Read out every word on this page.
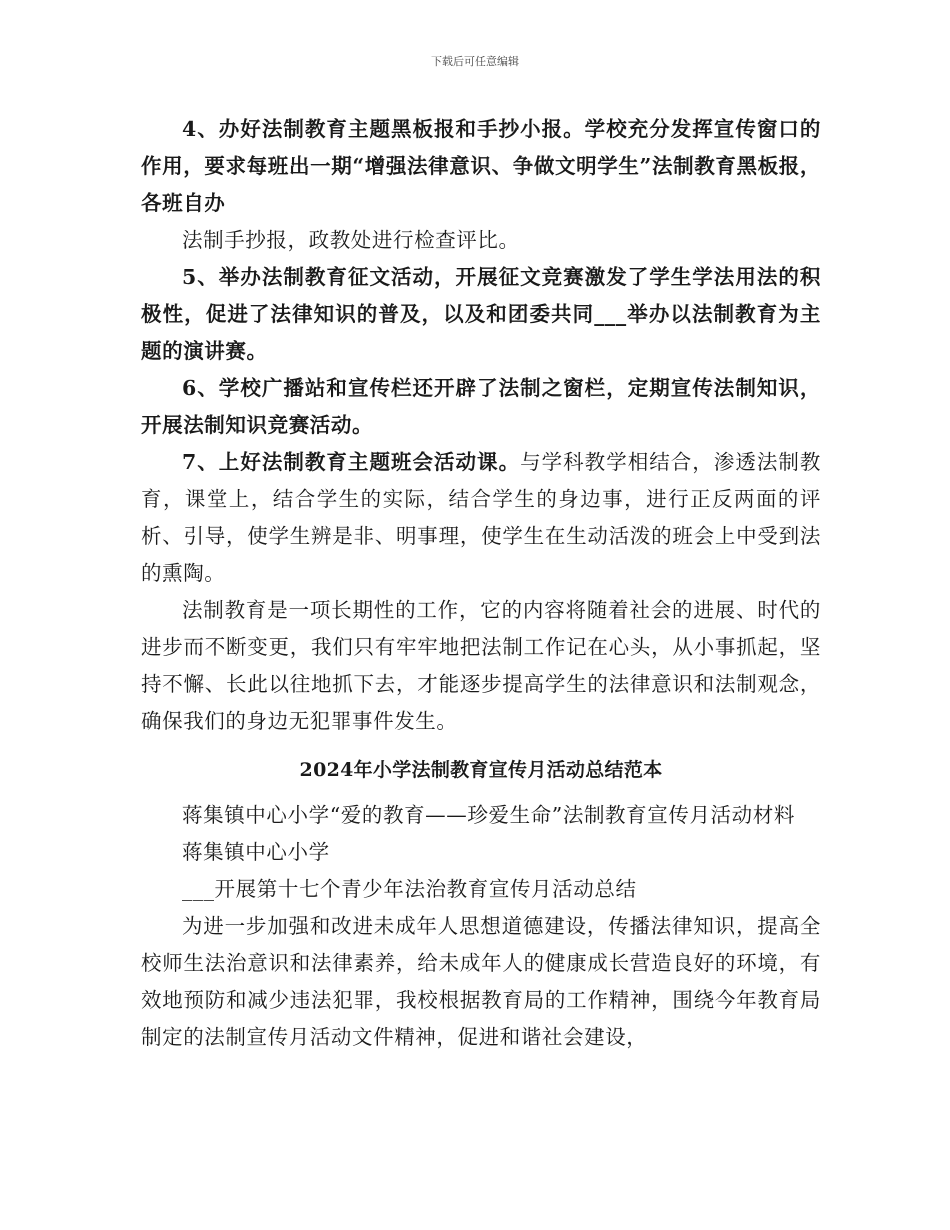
下载后可任意编辑

4、办好法制教育主题黑板报和手抄小报。学校充分发挥宣传窗口的作用，要求每班出一期“增强法律意识、争做文明学生”法制教育黑板报，各班自办

法制手抄报，政教处进行检查评比。

5、举办法制教育征文活动，开展征文竞赛激发了学生学法用法的积极性，促进了法律知识的普及，以及和团委共同___举办以法制教育为主题的演讲赛。

6、学校广播站和宣传栏还开辟了法制之窗栏，定期宣传法制知识，开展法制知识竞赛活动。

7、上好法制教育主题班会活动课。与学科教学相结合，渗透法制教育，课堂上，结合学生的实际，结合学生的身边事，进行正反两面的评析、引导，使学生辨是非、明事理，使学生在生动活泼的班会上中受到法的熏陶。

法制教育是一项长期性的工作，它的内容将随着社会的进展、时代的进步而不断变更，我们只有牢牢地把法制工作记在心头，从小事抓起，坚持不懈、长此以往地抓下去，才能逐步提高学生的法律意识和法制观念，确保我们的身边无犯罪事件发生。

2024年小学法制教育宣传月活动总结范本

蒋集镇中心小学“爱的教育——珍爱生命”法制教育宣传月活动材料

蒋集镇中心小学

___开展第十七个青少年法治教育宣传月活动总结

为进一步加强和改进未成年人思想道德建设，传播法律知识，提高全校师生法治意识和法律素养，给未成年人的健康成长营造良好的环境，有效地预防和减少违法犯罪，我校根据教育局的工作精神，围绕今年教育局制定的法制宣传月活动文件精神，促进和谐社会建设，
